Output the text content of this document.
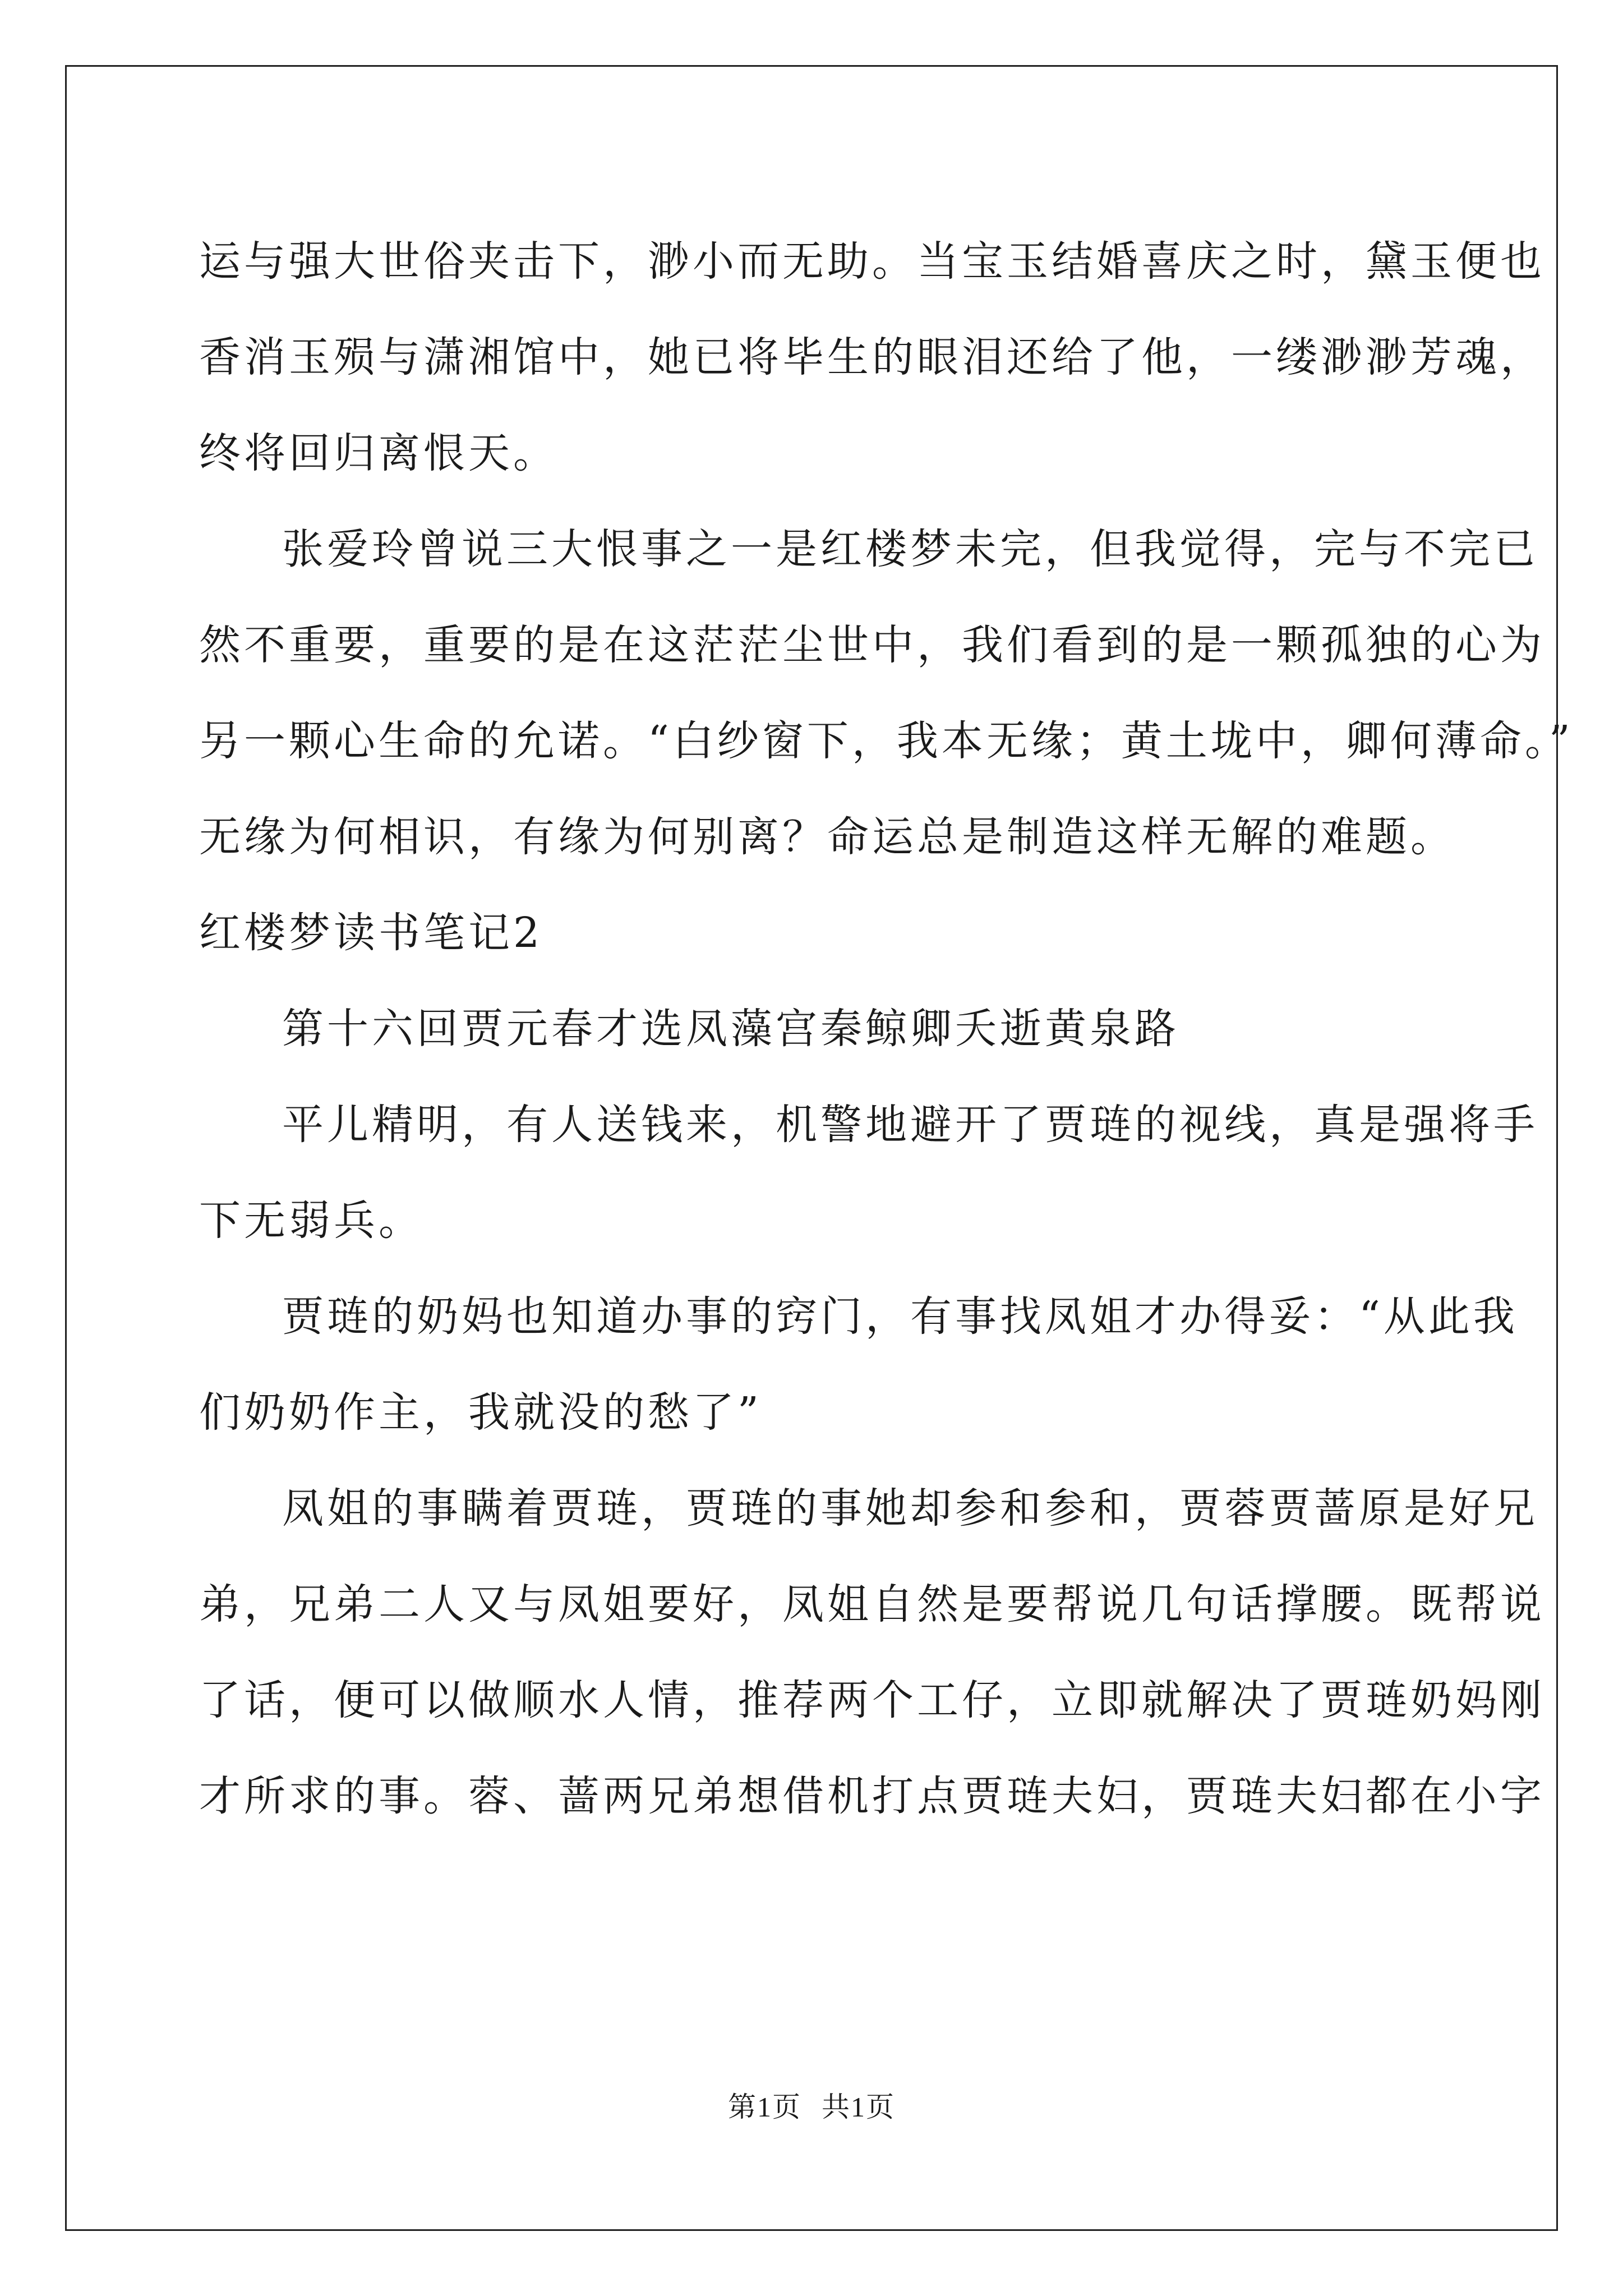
运与强大世俗夹击下，渺小而无助。当宝玉结婚喜庆之时，黛玉便也
香消玉殒与潇湘馆中，她已将毕生的眼泪还给了他，一缕渺渺芳魂，
终将回归离恨天。
张爱玲曾说三大恨事之一是红楼梦未完，但我觉得，完与不完已
然不重要，重要的是在这茫茫尘世中，我们看到的是一颗孤独的心为
另一颗心生命的允诺。“白纱窗下，我本无缘；黄土垅中，卿何薄命。”
无缘为何相识，有缘为何别离？命运总是制造这样无解的难题。
红楼梦读书笔记2
第十六回贾元春才选凤藻宫秦鲸卿夭逝黄泉路
平儿精明，有人送钱来，机警地避开了贾琏的视线，真是强将手
下无弱兵。
贾琏的奶妈也知道办事的窍门，有事找凤姐才办得妥：“从此我
们奶奶作主，我就没的愁了”
凤姐的事瞒着贾琏，贾琏的事她却参和参和，贾蓉贾蔷原是好兄
弟，兄弟二人又与凤姐要好，凤姐自然是要帮说几句话撑腰。既帮说
了话，便可以做顺水人情，推荐两个工仔，立即就解决了贾琏奶妈刚
才所求的事。蓉、蔷两兄弟想借机打点贾琏夫妇，贾琏夫妇都在小字
第1页 共1页
